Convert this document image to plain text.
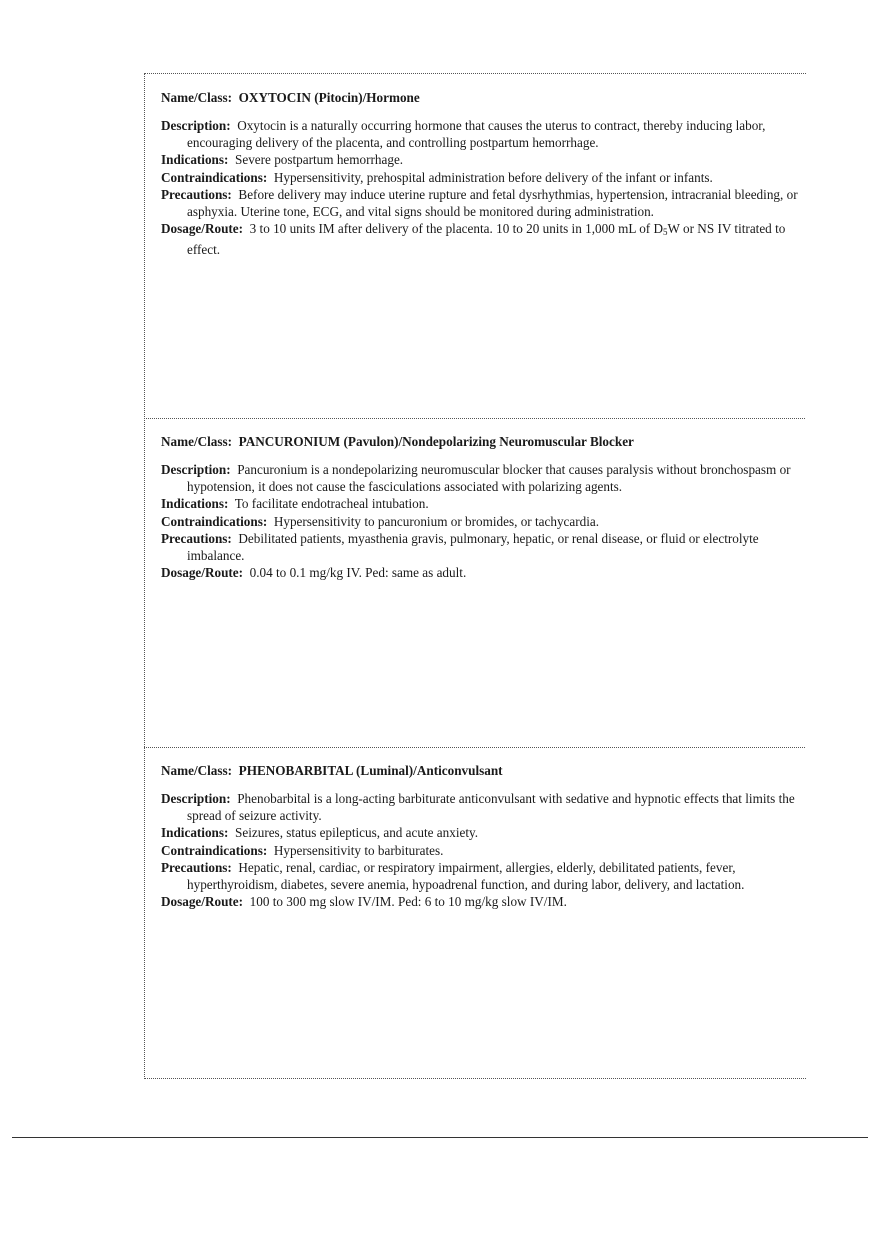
Name/Class: OXYTOCIN (Pitocin)/Hormone

Description: Oxytocin is a naturally occurring hormone that causes the uterus to contract, thereby inducing labor, encouraging delivery of the placenta, and controlling postpartum hemorrhage.

Indications: Severe postpartum hemorrhage.

Contraindications: Hypersensitivity, prehospital administration before delivery of the infant or infants.

Precautions: Before delivery may induce uterine rupture and fetal dysrhythmias, hypertension, intracranial bleeding, or asphyxia. Uterine tone, ECG, and vital signs should be monitored during administration.

Dosage/Route: 3 to 10 units IM after delivery of the placenta. 10 to 20 units in 1,000 mL of $D_5W$ or NS IV titrated to effect.

Name/Class: PANCURONIUM (Pavulon)/Nondepolarizing Neuromuscular Blocker

Description: Pancuronium is a nondepolarizing neuromuscular blocker that causes paralysis without bronchospasm or hypotension, it does not cause the fasciculations associated with polarizing agents.

Indications: To facilitate endotracheal intubation.

Contraindications: Hypersensitivity to pancuronium or bromides, or tachycardia.

Precautions: Debilitated patients, myasthenia gravis, pulmonary, hepatic, or renal disease, or fluid or electrolyte imbalance.

Dosage/Route: 0.04 to 0.1 mg/kg IV. Ped: same as adult.

Name/Class: PHENOBARBITAL (Luminal)/Anticonvulsant

Description: Phenobarbital is a long-acting barbiturate anticonvulsant with sedative and hypnotic effects that limits the spread of seizure activity.

Indications: Seizures, status epilepticus, and acute anxiety.

Contraindications: Hypersensitivity to barbiturates.

Precautions: Hepatic, renal, cardiac, or respiratory impairment, allergies, elderly, debilitated patients, fever, hyperthyroidism, diabetes, severe anemia, hypoadrenal function, and during labor, delivery, and lactation.

Dosage/Route: 100 to 300 mg slow IV/IM. Ped: 6 to 10 mg/kg slow IV/IM.
